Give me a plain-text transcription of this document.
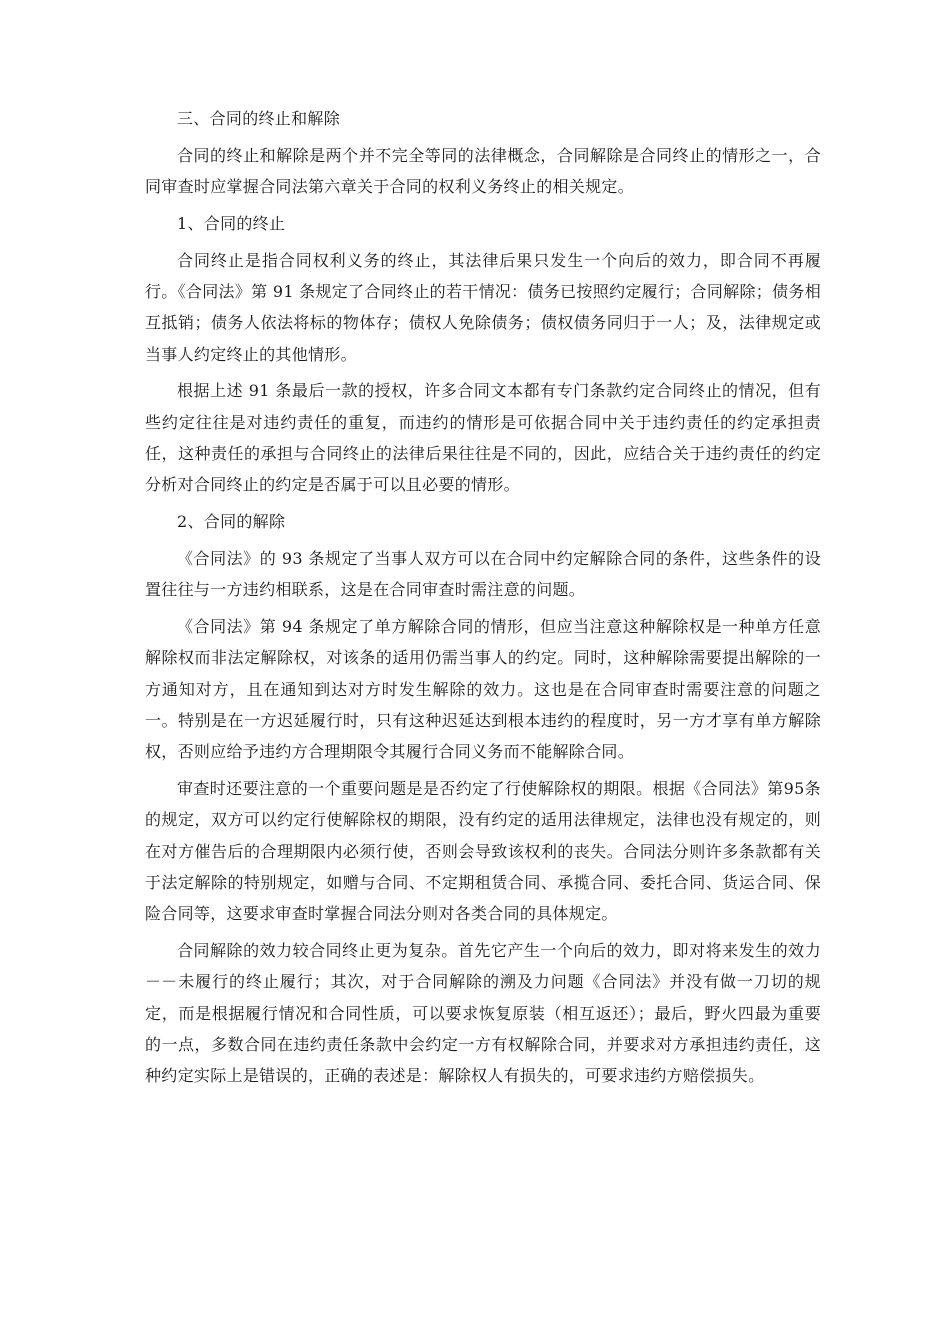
三、合同的终止和解除

合同的终止和解除是两个并不完全等同的法律概念，合同解除是合同终止的情形之一，合同审查时应掌握合同法第六章关于合同的权利义务终止的相关规定。

1、合同的终止

合同终止是指合同权利义务的终止，其法律后果只发生一个向后的效力，即合同不再履行。《合同法》第 91 条规定了合同终止的若干情况：债务已按照约定履行；合同解除；债务相互抵销；债务人依法将标的物体存；债权人免除债务；债权债务同归于一人；及，法律规定或当事人约定终止的其他情形。

根据上述 91 条最后一款的授权，许多合同文本都有专门条款约定合同终止的情况，但有些约定往往是对违约责任的重复，而违约的情形是可依据合同中关于违约责任的约定承担责任，这种责任的承担与合同终止的法律后果往往是不同的，因此，应结合关于违约责任的约定分析对合同终止的约定是否属于可以且必要的情形。

2、合同的解除

《合同法》的 93 条规定了当事人双方可以在合同中约定解除合同的条件，这些条件的设置往往与一方违约相联系，这是在合同审查时需注意的问题。

《合同法》第 94 条规定了单方解除合同的情形，但应当注意这种解除权是一种单方任意解除权而非法定解除权，对该条的适用仍需当事人的约定。同时，这种解除需要提出解除的一方通知对方，且在通知到达对方时发生解除的效力。这也是在合同审查时需要注意的问题之一。特别是在一方迟延履行时，只有这种迟延达到根本违约的程度时，另一方才享有单方解除权，否则应给予违约方合理期限令其履行合同义务而不能解除合同。

审查时还要注意的一个重要问题是是否约定了行使解除权的期限。根据《合同法》第95条的规定，双方可以约定行使解除权的期限，没有约定的适用法律规定，法律也没有规定的，则在对方催告后的合理期限内必须行使，否则会导致该权利的丧失。合同法分则许多条款都有关于法定解除的特别规定，如赠与合同、不定期租赁合同、承揽合同、委托合同、货运合同、保险合同等，这要求审查时掌握合同法分则对各类合同的具体规定。

合同解除的效力较合同终止更为复杂。首先它产生一个向后的效力，即对将来发生的效力－－未履行的终止履行；其次，对于合同解除的溯及力问题《合同法》并没有做一刀切的规定，而是根据履行情况和合同性质，可以要求恢复原装（相互返还）；最后，野火四最为重要的一点，多数合同在违约责任条款中会约定一方有权解除合同，并要求对方承担违约责任，这种约定实际上是错误的，正确的表述是：解除权人有损失的，可要求违约方赔偿损失。
